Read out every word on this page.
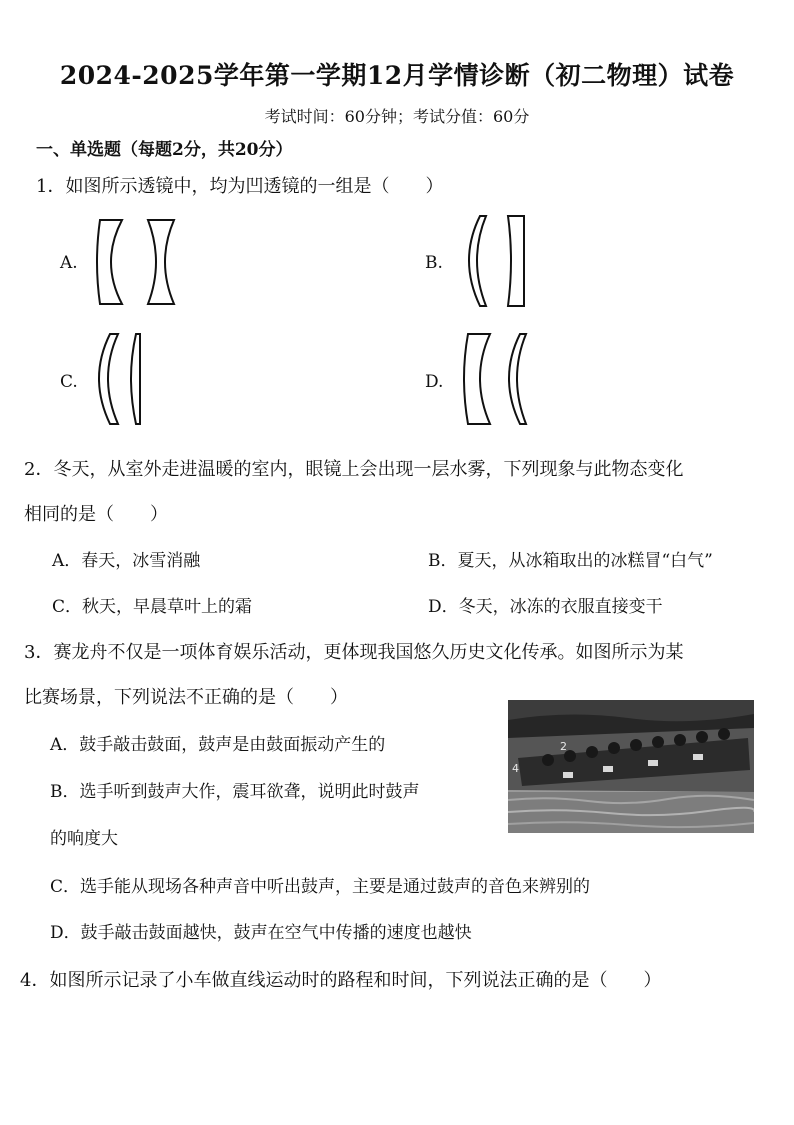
2024-2025学年第一学期12月学情诊断（初二物理）试卷
考试时间：60分钟；考试分值：60分
一、单选题（每题2分，共20分）
1．如图所示透镜中，均为凹透镜的一组是（　　）
A.	B.
C.	D.
2．冬天，从室外走进温暖的室内，眼镜上会出现一层水雾，下列现象与此物态变化
相同的是（　　）
A．春天，冰雪消融	B．夏天，从冰箱取出的冰糕冒“白气”
C．秋天，早晨草叶上的霜	D．冬天，冰冻的衣服直接变干
3．赛龙舟不仅是一项体育娱乐活动，更体现我国悠久历史文化传承。如图所示为某
比赛场景，下列说法不正确的是（　　）
A．鼓手敲击鼓面，鼓声是由鼓面振动产生的
B．选手听到鼓声大作，震耳欲聋，说明此时鼓声
的响度大
C．选手能从现场各种声音中听出鼓声，主要是通过鼓声的音色来辨别的
D．鼓手敲击鼓面越快，鼓声在空气中传播的速度也越快
2
4
4．如图所示记录了小车做直线运动时的路程和时间，下列说法正确的是（　　）
